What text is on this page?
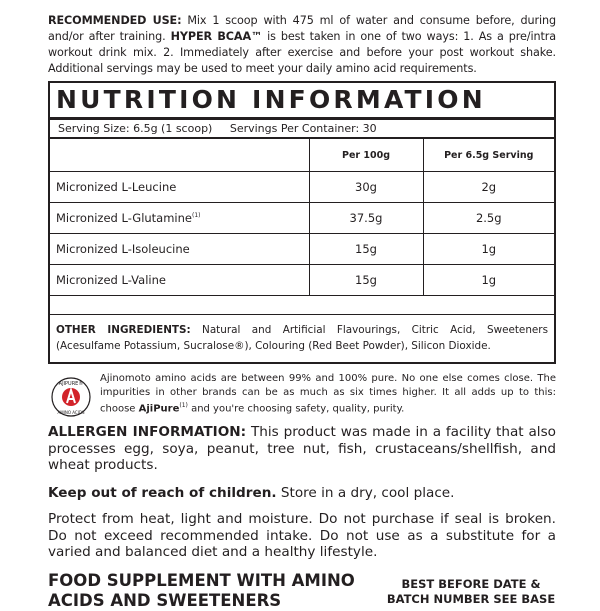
RECOMMENDED USE: Mix 1 scoop with 475 ml of water and consume before, during and/or after training. HYPER BCAA™ is best taken in one of two ways: 1. As a pre/intra workout drink mix. 2. Immediately after exercise and before your post workout shake. Additional servings may be used to meet your daily amino acid requirements.
NUTRITION INFORMATION
Serving Size: 6.5g (1 scoop) Servings Per Container: 30
	Per 100g	Per 6.5g Serving
Micronized L-Leucine	30g	2g
Micronized L-Glutamine$^{(1)}$	37.5g	2.5g
Micronized L-Isoleucine	15g	1g
Micronized L-Valine	15g	1g

OTHER INGREDIENTS: Natural and Artificial Flavourings, Citric Acid, Sweeteners (Acesulfame Potassium, Sucralose®), Colouring (Red Beet Powder), Silicon Dioxide.
AJIPURE®
AMINO ACIDS
Ajinomoto amino acids are between 99% and 100% pure. No one else comes close. The impurities in other brands can be as much as six times higher. It all adds up to this: choose AjiPure$^{(1)}$ and you're choosing safety, quality, purity.
ALLERGEN INFORMATION: This product was made in a facility that also processes egg, soya, peanut, tree nut, fish, crustaceans/shellfish, and wheat products.
Keep out of reach of children. Store in a dry, cool place.
Protect from heat, light and moisture. Do not purchase if seal is broken. Do not exceed recommended intake. Do not use as a substitute for a varied and balanced diet and a healthy lifestyle.
FOOD SUPPLEMENT WITH AMINO ACIDS AND SWEETENERS
BEST BEFORE DATE & BATCH NUMBER SEE BASE
